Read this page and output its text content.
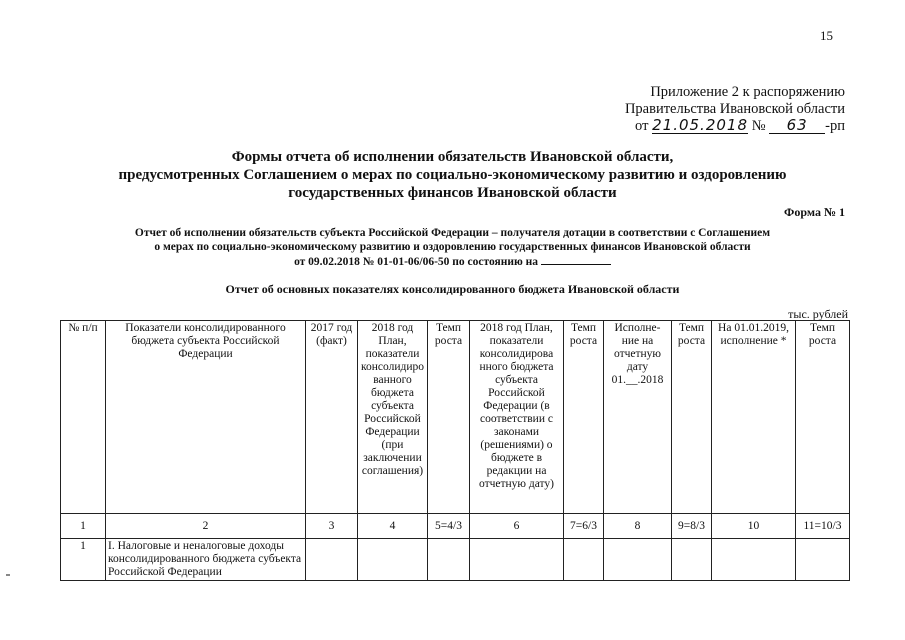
15
Приложение 2 к распоряжению
Правительства Ивановской области
от 21.05.2018 № 63 -рп
Формы отчета об исполнении обязательств Ивановской области,
предусмотренных Соглашением о мерах по социально-экономическому развитию и оздоровлению
государственных финансов Ивановской области
Форма № 1
Отчет об исполнении обязательств субъекта Российской Федерации – получателя дотации в соответствии с Соглашением
о мерах по социально-экономическому развитию и оздоровлению государственных финансов Ивановской области
от 09.02.2018 № 01-01-06/06-50 по состоянию на
Отчет об основных показателях консолидированного бюджета Ивановской области
тыс. рублей
№ п/п	Показатели консолидированного бюджета субъекта Российской Федерации	2017 год (факт)	2018 год План, показатели консолидиро ванного бюджета субъекта Российской Федерации (при заключении соглашения)	Темп роста	2018 год План, показатели консолидирова нного бюджета субъекта Российской Федерации (в соответствии с законами (решениями) о бюджете в редакции на отчетную дату)	Темп роста	Исполне- ние на отчетную дату 01.__.2018	Темп роста	На 01.01.2019, исполнение *	Темп роста
1	2	3	4	5=4/3	6	7=6/3	8	9=8/3	10	11=10/3
1	I. Налоговые и неналоговые доходы консолидированного бюджета субъекта Российской Федерации									
